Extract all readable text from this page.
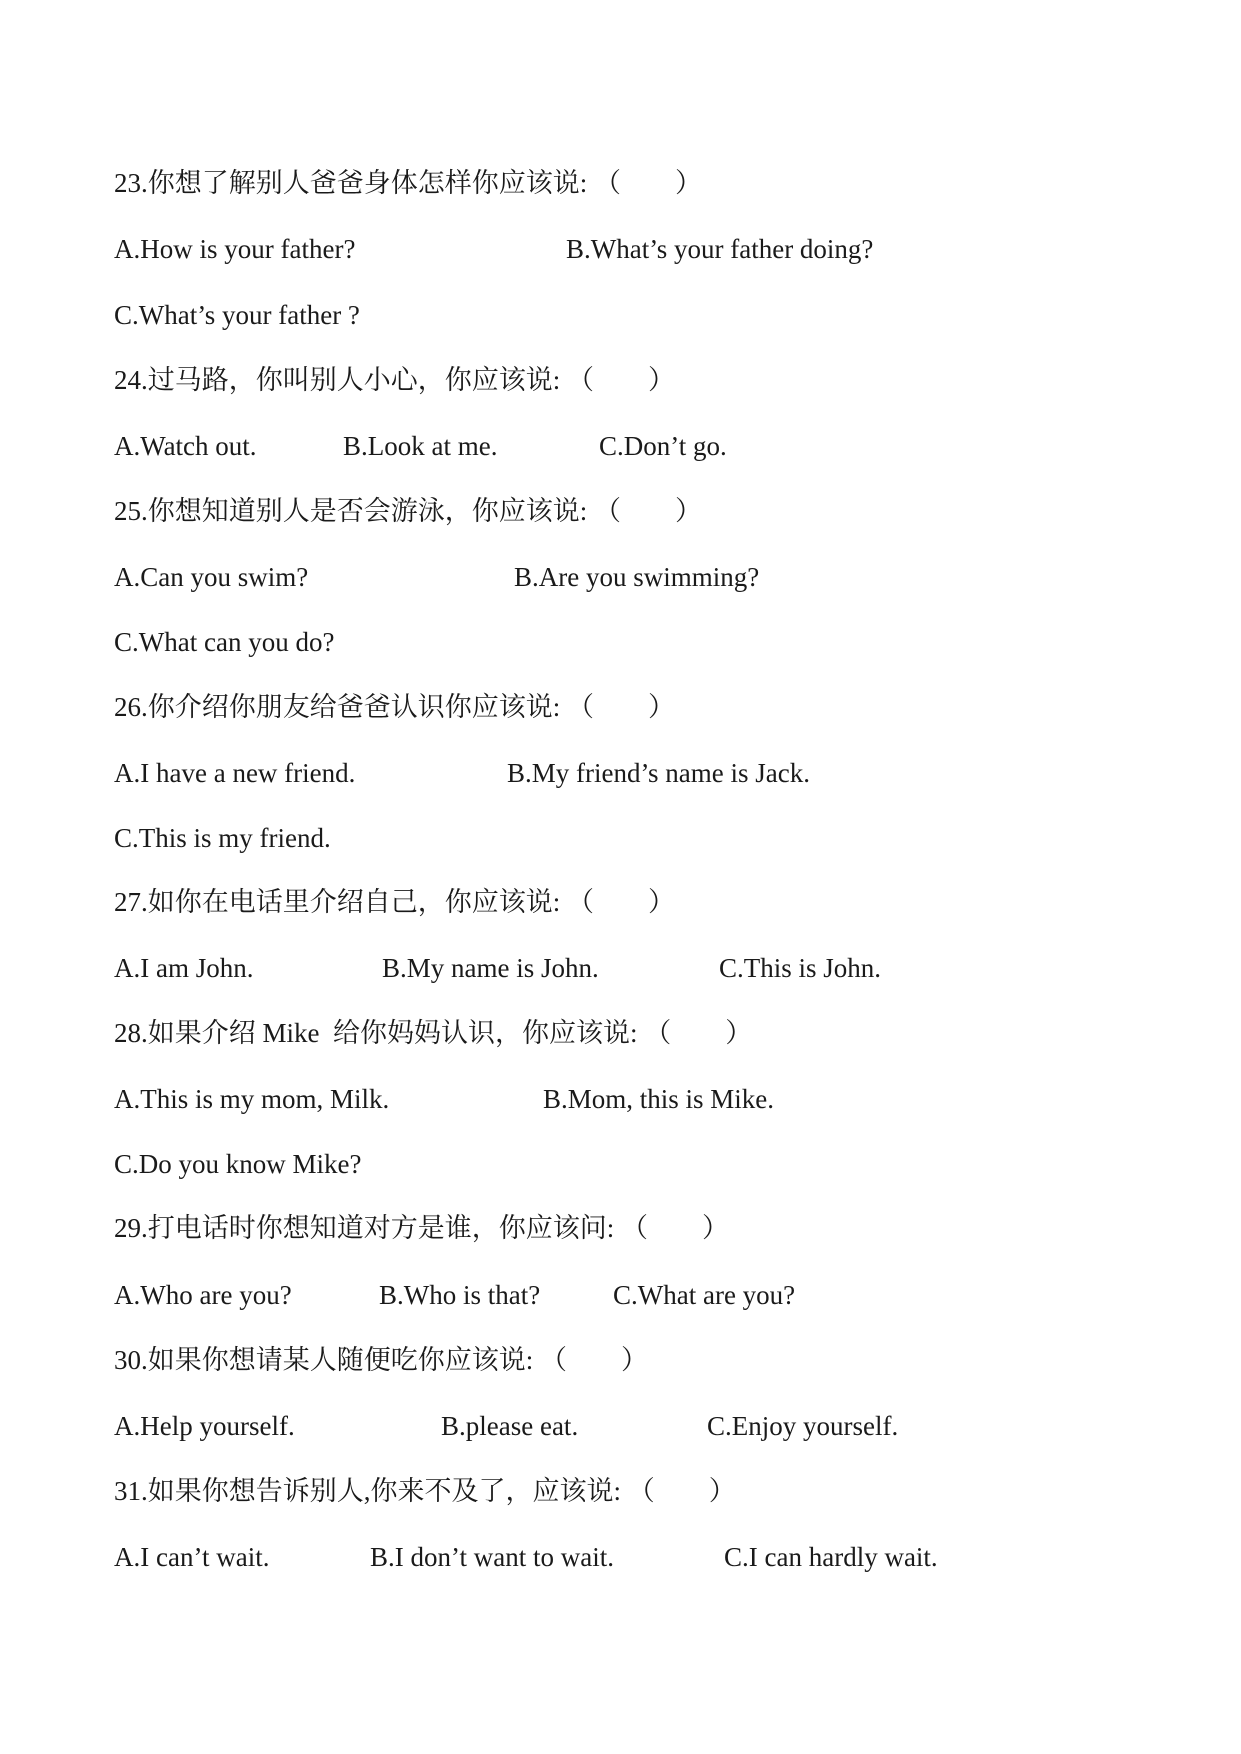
23.你想了解别人爸爸身体怎样你应该说: （　　）
A.How is your father?	B.What’s your father doing?
C.What’s your father ?
24.过马路，你叫别人小心，你应该说: （　　）
A.Watch out.	B.Look at me.	C.Don’t go.
25.你想知道别人是否会游泳，你应该说: （　　）
A.Can you swim?	B.Are you swimming?
C.What can you do?
26.你介绍你朋友给爸爸认识你应该说: （　　）
A.I have a new friend.	B.My friend’s name is Jack.
C.This is my friend.
27.如你在电话里介绍自己，你应该说: （　　）
A.I am John.	B.My name is John.	C.This is John.
28.如果介绍 Mike  给你妈妈认识，你应该说: （　　）
A.This is my mom, Milk.	B.Mom, this is Mike.
C.Do you know Mike?
29.打电话时你想知道对方是谁，你应该问: （　　）
A.Who are you?	B.Who is that?	C.What are you?
30.如果你想请某人随便吃你应该说: （　　）
A.Help yourself.	B.please eat.	C.Enjoy yourself.
31.如果你想告诉别人,你来不及了，应该说: （　　）
A.I can’t wait.	B.I don’t want to wait.	C.I can hardly wait.
